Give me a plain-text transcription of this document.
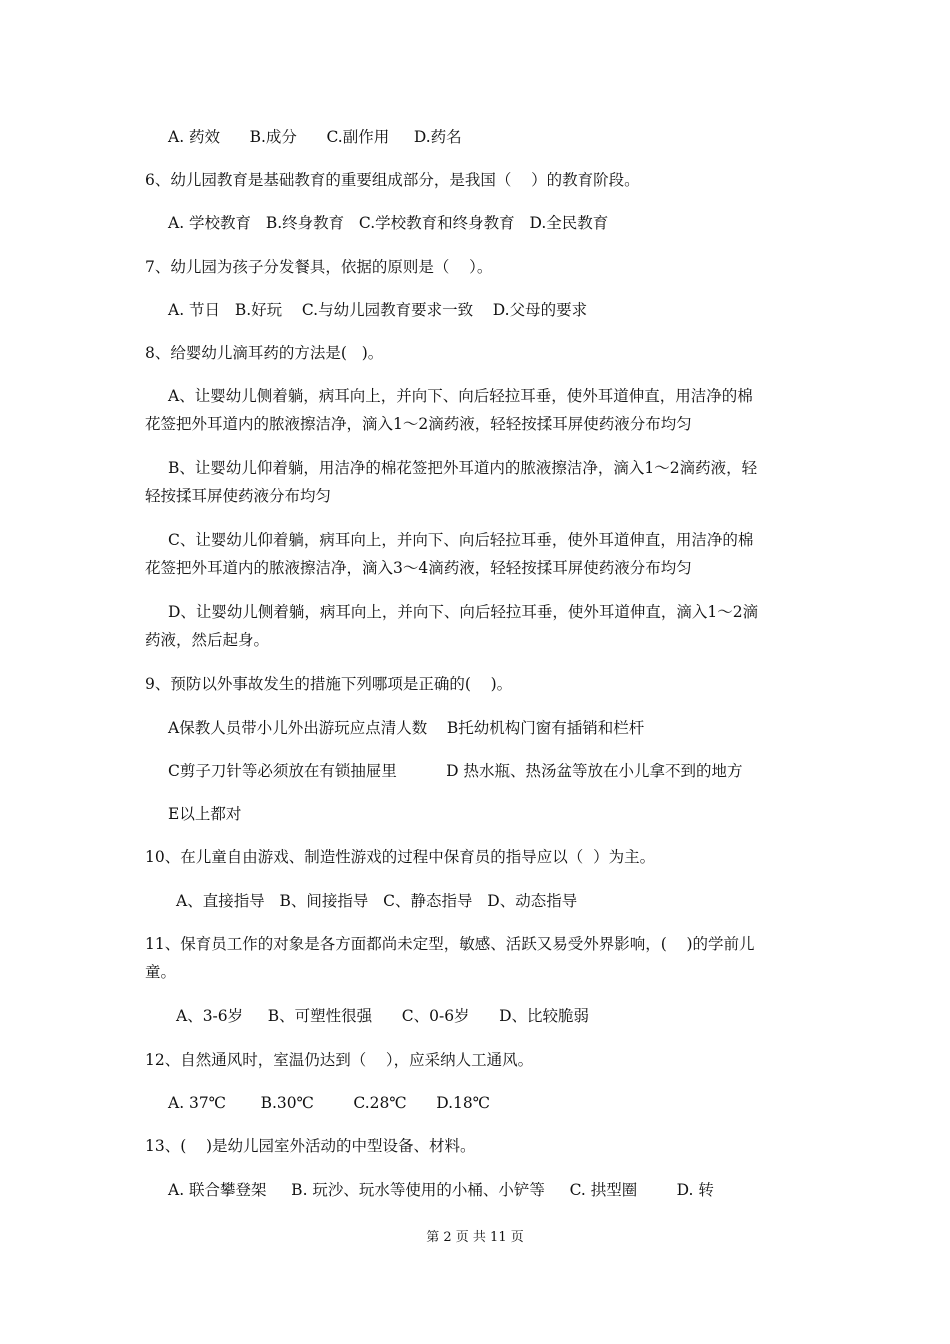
A. 药效      B.成分      C.副作用     D.药名
6、幼儿园教育是基础教育的重要组成部分，是我国（    ）的教育阶段。
A. 学校教育   B.终身教育   C.学校教育和终身教育   D.全民教育
7、幼儿园为孩子分发餐具，依据的原则是（    ）。
A. 节日   B.好玩    C.与幼儿园教育要求一致    D.父母的要求
8、给婴幼儿滴耳药的方法是(   )。
A、让婴幼儿侧着躺，病耳向上，并向下、向后轻拉耳垂，使外耳道伸直，用洁净的棉
花签把外耳道内的脓液擦洁净，滴入1～2滴药液，轻轻按揉耳屏使药液分布均匀
B、让婴幼儿仰着躺，用洁净的棉花签把外耳道内的脓液擦洁净，滴入1～2滴药液，轻
轻按揉耳屏使药液分布均匀
C、让婴幼儿仰着躺，病耳向上，并向下、向后轻拉耳垂，使外耳道伸直，用洁净的棉
花签把外耳道内的脓液擦洁净，滴入3～4滴药液，轻轻按揉耳屏使药液分布均匀
D、让婴幼儿侧着躺，病耳向上，并向下、向后轻拉耳垂，使外耳道伸直，滴入1～2滴
药液，然后起身。
9、预防以外事故发生的措施下列哪项是正确的(    )。
A保教人员带小儿外出游玩应点清人数    B托幼机构门窗有插销和栏杆
C剪子刀针等必须放在有锁抽屉里          D 热水瓶、热汤盆等放在小儿拿不到的地方
E以上都对
10、在儿童自由游戏、制造性游戏的过程中保育员的指导应以（  ）为主。
A、直接指导   B、间接指导   C、静态指导   D、动态指导
11、保育员工作的对象是各方面都尚未定型，敏感、活跃又易受外界影响，(    )的学前儿
童。
A、3-6岁     B、可塑性很强      C、0-6岁      D、比较脆弱
12、自然通风时，室温仍达到（    ），应采纳人工通风。
A. 37℃       B.30℃        C.28℃      D.18℃
13、(    )是幼儿园室外活动的中型设备、材料。
A. 联合攀登架     B. 玩沙、玩水等使用的小桶、小铲等     C. 拱型圈        D. 转
第 2 页 共 11 页
